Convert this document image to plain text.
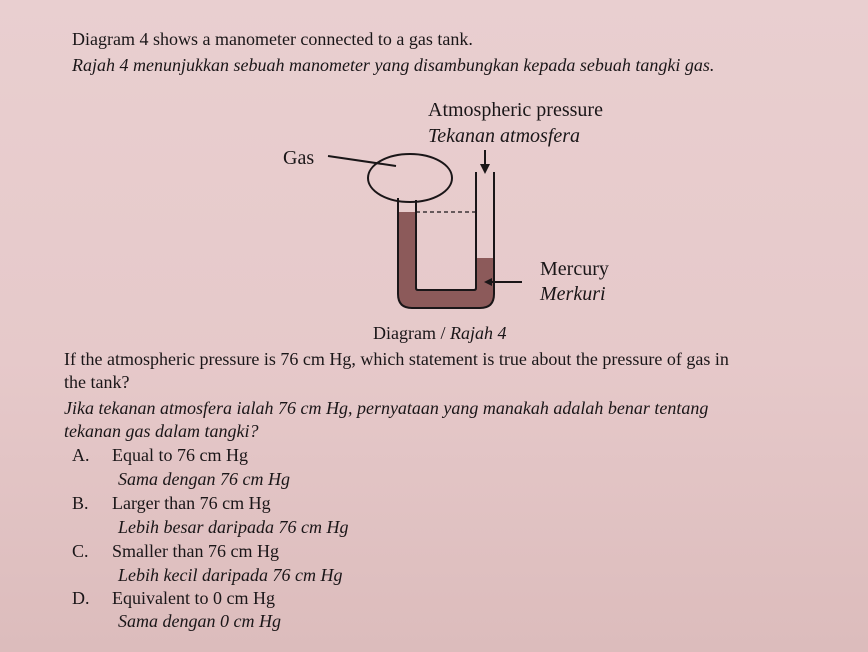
Diagram 4 shows a manometer connected to a gas tank.
Rajah 4 menunjukkan sebuah manometer yang disambungkan kepada sebuah tangki gas.
Atmospheric pressure
Tekanan atmosfera
Gas
Mercury
Merkuri
Diagram / Rajah 4
If the atmospheric pressure is 76 cm Hg, which statement is true about the pressure of gas in
the tank?
Jika tekanan atmosfera ialah 76 cm Hg, pernyataan yang manakah adalah benar tentang
tekanan gas dalam tangki?
A. Equal to 76 cm Hg
Sama dengan 76 cm Hg
B. Larger than 76 cm Hg
Lebih besar daripada 76 cm Hg
C. Smaller than 76 cm Hg
Lebih kecil daripada 76 cm Hg
D. Equivalent to 0 cm Hg
Sama dengan 0 cm Hg
